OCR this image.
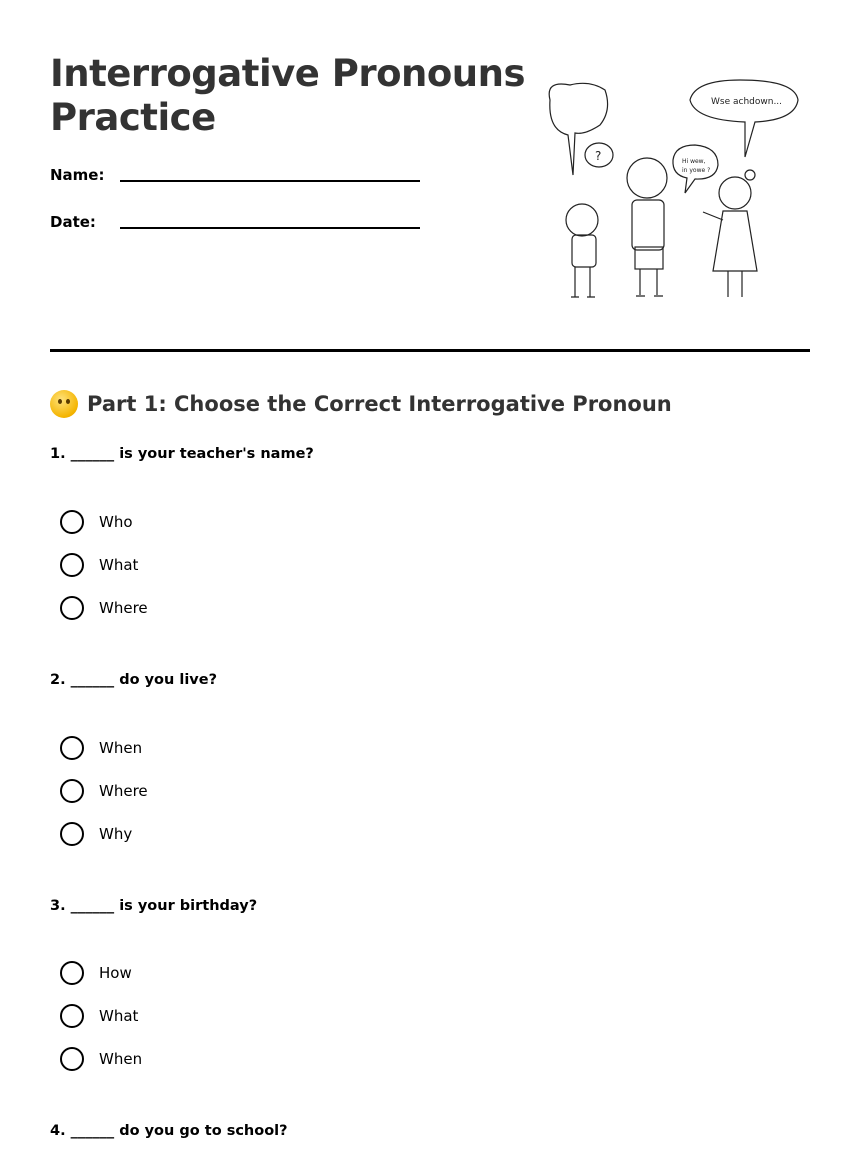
Interrogative Pronouns Practice
Name:
Date:
Wse achdown...
?	Hi wew,
in yowe ?
Part 1: Choose the Correct Interrogative Pronoun
1. ______ is your teacher's name?
Who
What
Where
2. ______ do you live?
When
Where
Why
3. ______ is your birthday?
How
What
When
4. ______ do you go to school?
